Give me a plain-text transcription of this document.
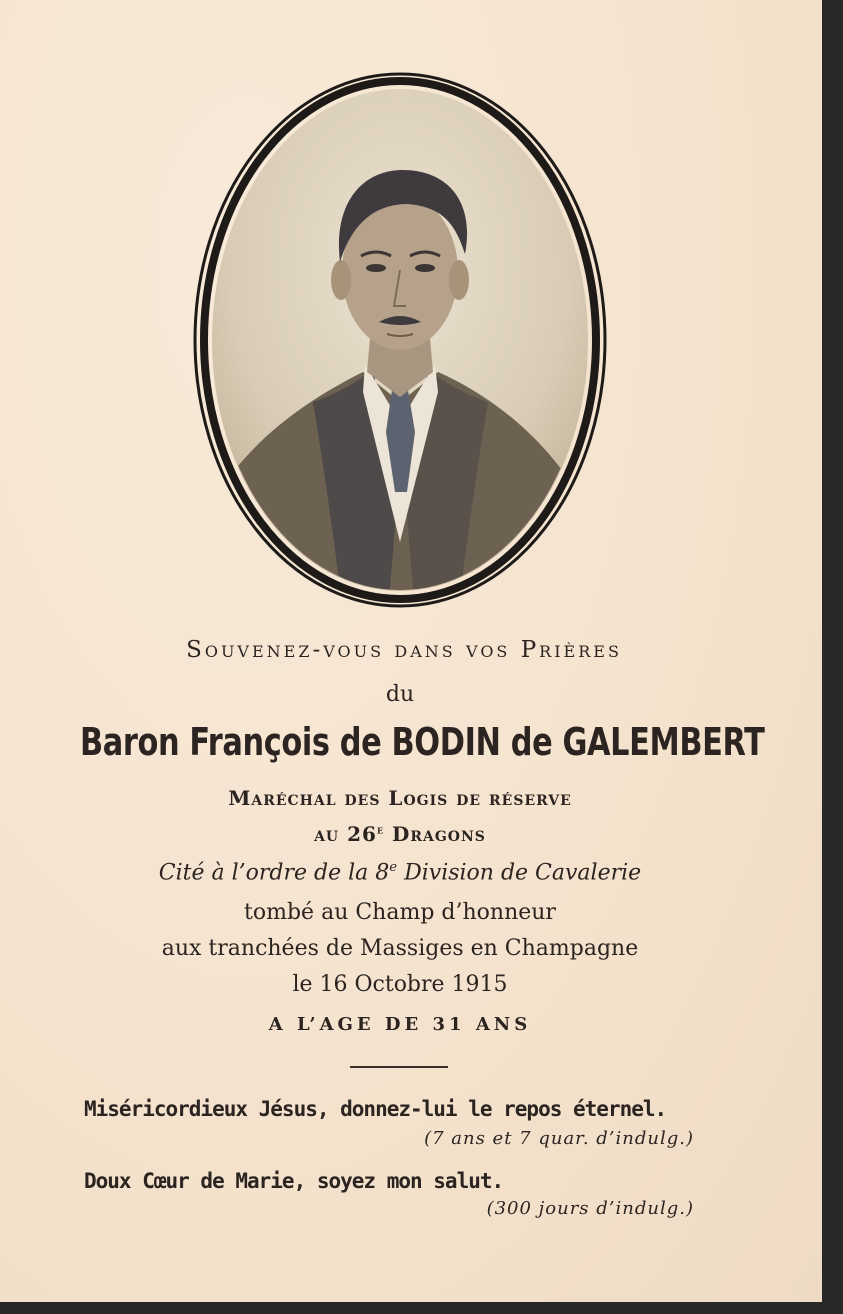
Souvenez-vous dans vos Prières
du
Baron François de BODIN de GALEMBERT
Maréchal des Logis de réserve
au 26e Dragons
Cité à l’ordre de la 8e Division de Cavalerie
tombé au Champ d’honneur
aux tranchées de Massiges en Champagne
le 16 Octobre 1915
A L’AGE DE 31 ANS
Miséricordieux Jésus, donnez-lui le repos éternel.
(7 ans et 7 quar. d’indulg.)
Doux Cœur de Marie, soyez mon salut.
(300 jours d’indulg.)
